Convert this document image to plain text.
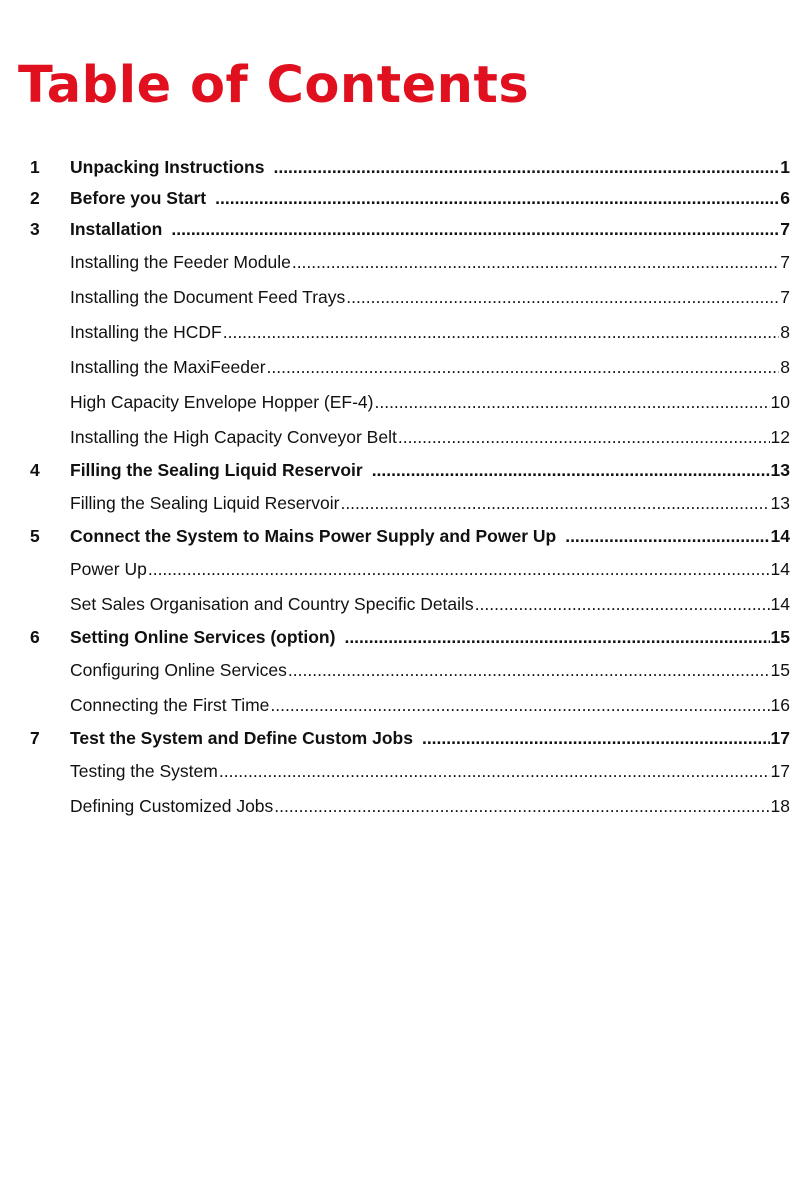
Table of Contents
1	Unpacking Instructions .....	1
2	Before you Start .....	6
3	Installation .....	7
Installing the Feeder Module .....	7
Installing the Document Feed Trays .....	7
Installing the HCDF .....	8
Installing the MaxiFeeder .....	8
High Capacity Envelope Hopper (EF-4) .....	10
Installing the High Capacity Conveyor Belt .....	12
4	Filling the Sealing Liquid Reservoir .....	13
Filling the Sealing Liquid Reservoir .....	13
5	Connect the System to Mains Power Supply and Power Up .....	14
Power Up .....	14
Set Sales Organisation and Country Specific Details .....	14
6	Setting Online Services (option) .....	15
Configuring Online Services .....	15
Connecting the First Time .....	16
7	Test the System and Define Custom Jobs .....	17
Testing the System .....	17
Defining Customized Jobs .....	18
